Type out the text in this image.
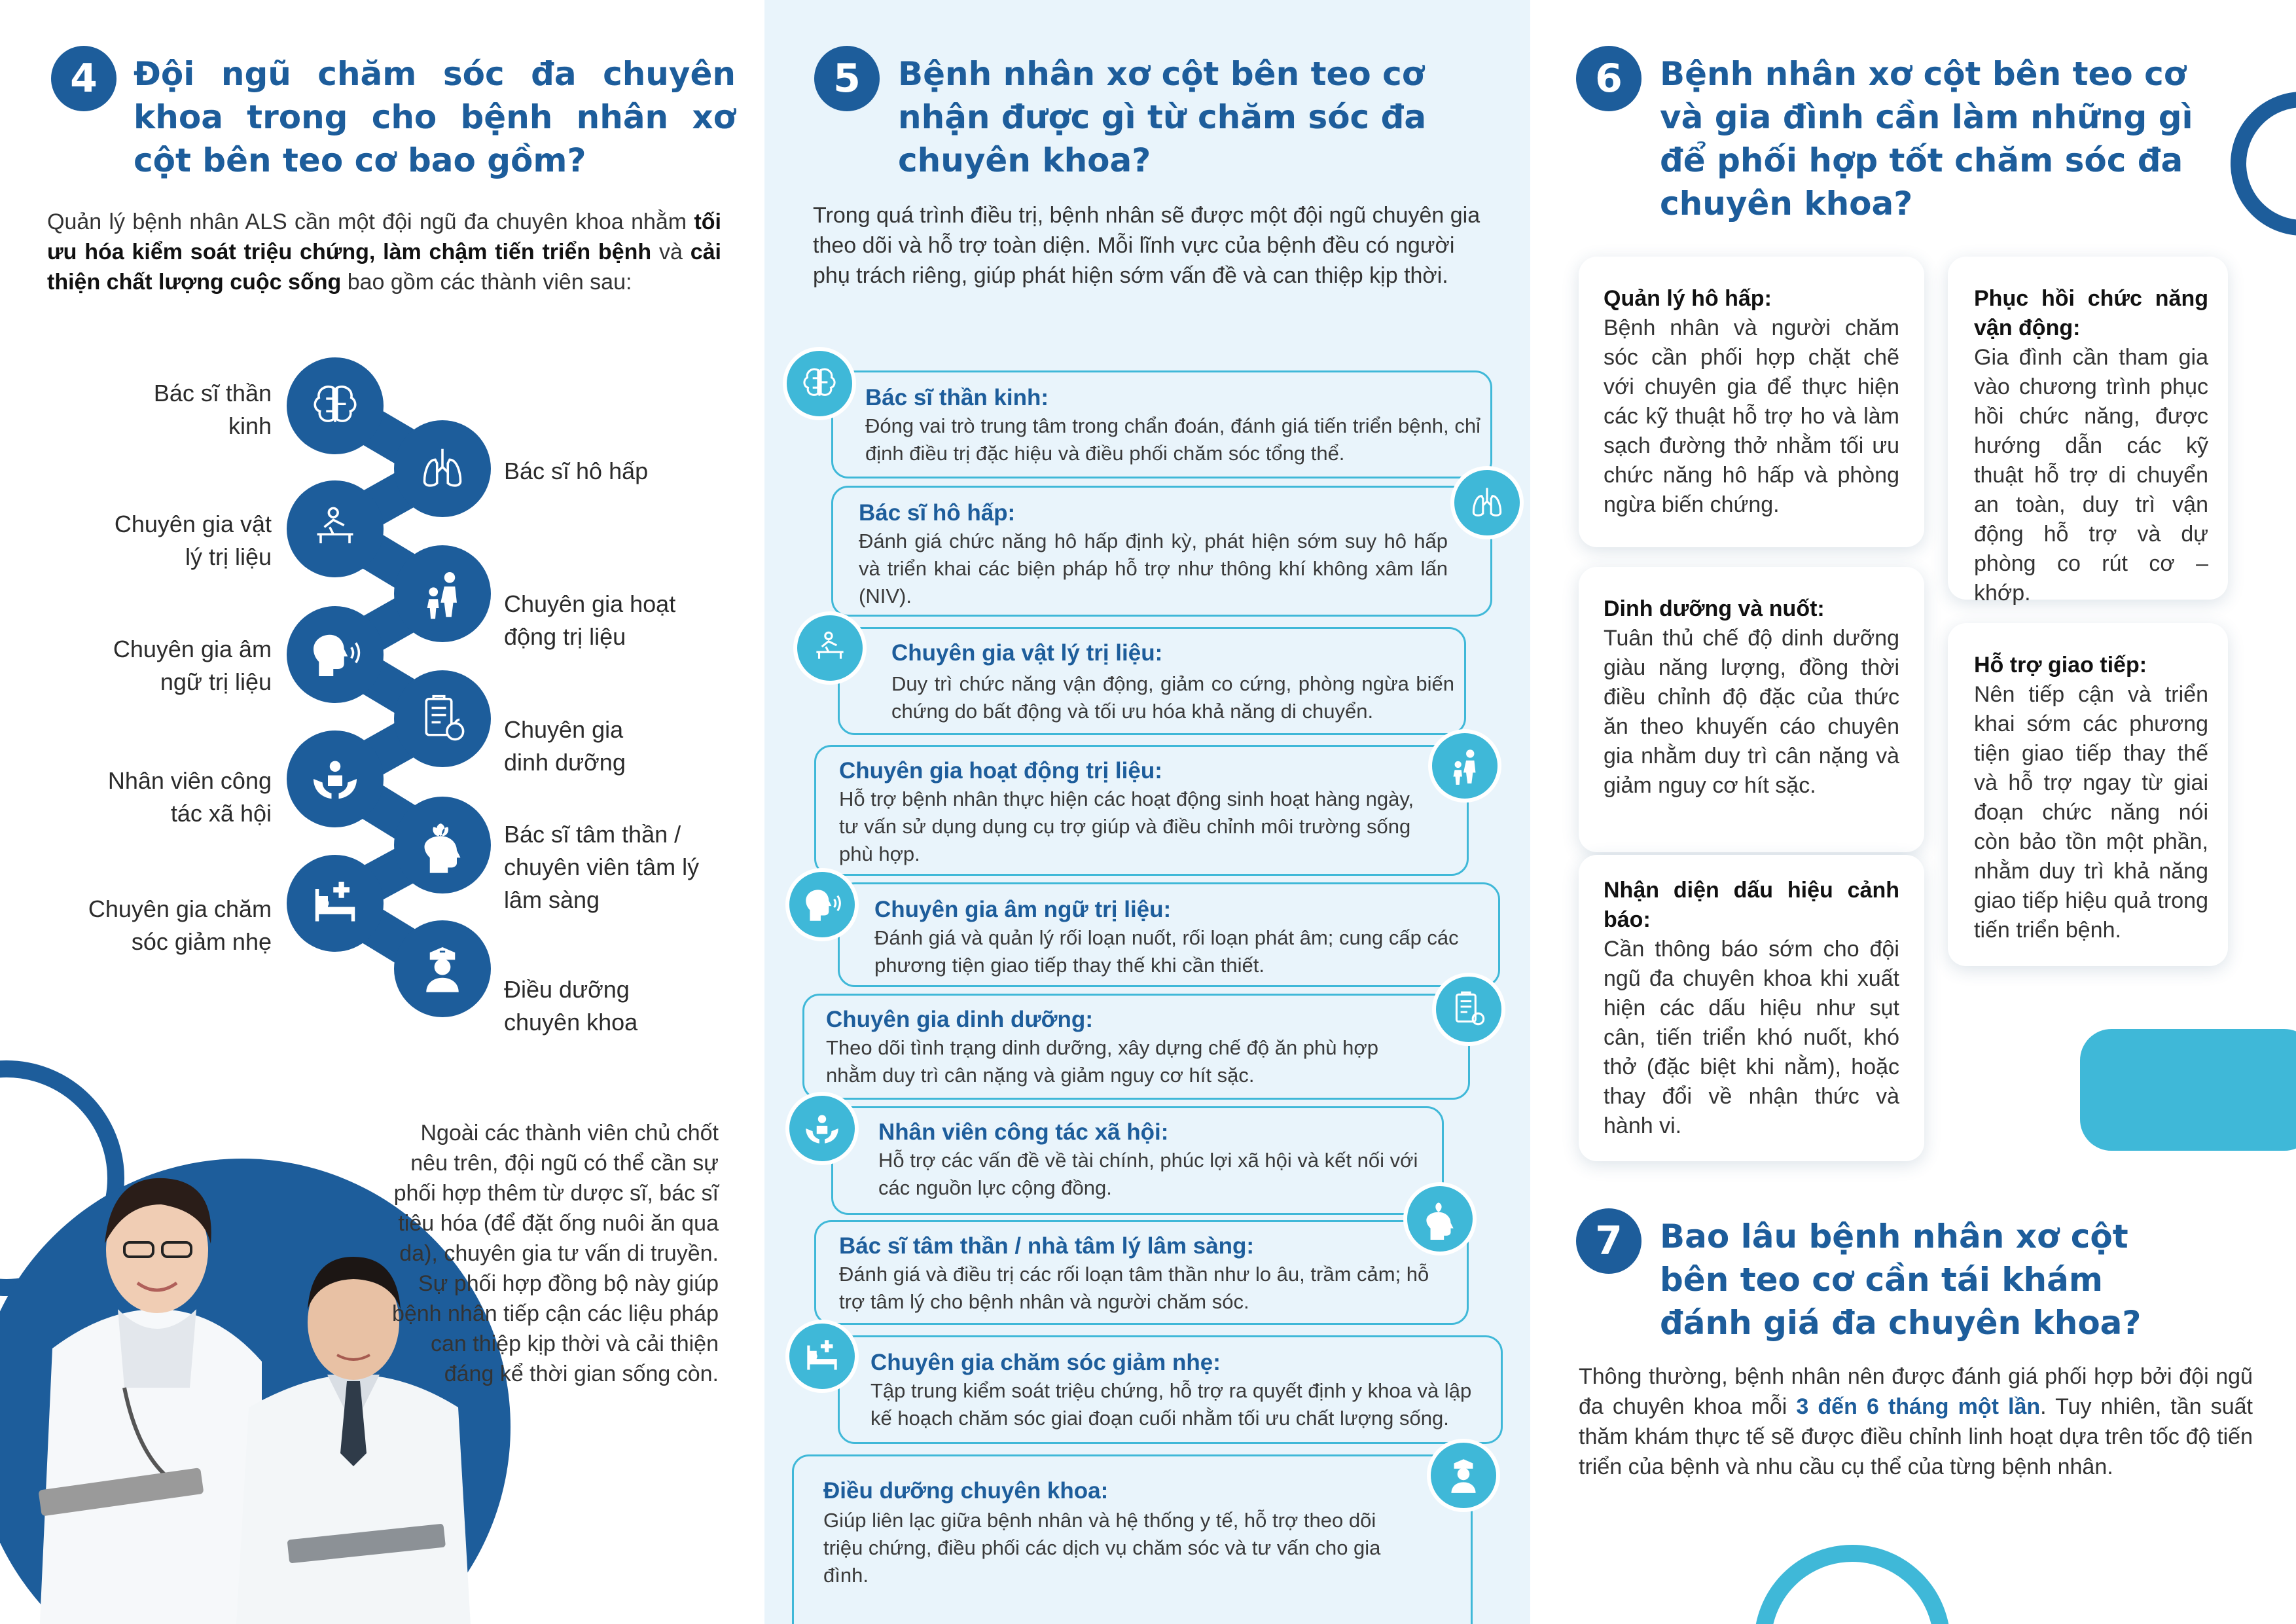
4	Đội ngũ chăm sóc đa chuyên khoa trong cho bệnh nhân xơ cột bên teo cơ bao gồm?
Quản lý bệnh nhân ALS cần một đội ngũ đa chuyên khoa nhằm tối ưu hóa kiểm soát triệu chứng, làm chậm tiến triển bệnh và cải thiện chất lượng cuộc sống bao gồm các thành viên sau:
Bác sĩ thần kinh
Bác sĩ hô hấp
Chuyên gia vật lý trị liệu
Chuyên gia hoạt động trị liệu
Chuyên gia âm ngữ trị liệu
Chuyên gia dinh dưỡng
Nhân viên công tác xã hội
Bác sĩ tâm thần / chuyên viên tâm lý lâm sàng
Chuyên gia chăm sóc giảm nhẹ
Điều dưỡng chuyên khoa
Ngoài các thành viên chủ chốt nêu trên, đội ngũ có thể cần sự phối hợp thêm từ dược sĩ, bác sĩ tiêu hóa (để đặt ống nuôi ăn qua da), chuyên gia tư vấn di truyền. Sự phối hợp đồng bộ này giúp bệnh nhân tiếp cận các liệu pháp can thiệp kịp thời và cải thiện đáng kể thời gian sống còn.
5	Bệnh nhân xơ cột bên teo cơ nhận được gì từ chăm sóc đa chuyên khoa?
Trong quá trình điều trị, bệnh nhân sẽ được một đội ngũ chuyên gia theo dõi và hỗ trợ toàn diện. Mỗi lĩnh vực của bệnh đều có người phụ trách riêng, giúp phát hiện sớm vấn đề và can thiệp kịp thời.
Bác sĩ thần kinh:
Đóng vai trò trung tâm trong chẩn đoán, đánh giá tiến triển bệnh, chỉ định điều trị đặc hiệu và điều phối chăm sóc tổng thể.
Bác sĩ hô hấp:
Đánh giá chức năng hô hấp định kỳ, phát hiện sớm suy hô hấp và triển khai các biện pháp hỗ trợ như thông khí không xâm lấn (NIV).
Chuyên gia vật lý trị liệu:
Duy trì chức năng vận động, giảm co cứng, phòng ngừa biến chứng do bất động và tối ưu hóa khả năng di chuyển.
Chuyên gia hoạt động trị liệu:
Hỗ trợ bệnh nhân thực hiện các hoạt động sinh hoạt hàng ngày, tư vấn sử dụng dụng cụ trợ giúp và điều chỉnh môi trường sống phù hợp.
Chuyên gia âm ngữ trị liệu:
Đánh giá và quản lý rối loạn nuốt, rối loạn phát âm; cung cấp các phương tiện giao tiếp thay thế khi cần thiết.
Chuyên gia dinh dưỡng:
Theo dõi tình trạng dinh dưỡng, xây dựng chế độ ăn phù hợp nhằm duy trì cân nặng và giảm nguy cơ hít sặc.
Nhân viên công tác xã hội:
Hỗ trợ các vấn đề về tài chính, phúc lợi xã hội và kết nối với các nguồn lực cộng đồng.
Bác sĩ tâm thần / nhà tâm lý lâm sàng:
Đánh giá và điều trị các rối loạn tâm thần như lo âu, trầm cảm; hỗ trợ tâm lý cho bệnh nhân và người chăm sóc.
Chuyên gia chăm sóc giảm nhẹ:
Tập trung kiểm soát triệu chứng, hỗ trợ ra quyết định y khoa và lập kế hoạch chăm sóc giai đoạn cuối nhằm tối ưu chất lượng sống.
Điều dưỡng chuyên khoa:
Giúp liên lạc giữa bệnh nhân và hệ thống y tế, hỗ trợ theo dõi triệu chứng, điều phối các dịch vụ chăm sóc và tư vấn cho gia đình.
6	Bệnh nhân xơ cột bên teo cơ và gia đình cần làm những gì để phối hợp tốt chăm sóc đa chuyên khoa?
Quản lý hô hấp:
Bệnh nhân và người chăm sóc cần phối hợp chặt chẽ với chuyên gia để thực hiện các kỹ thuật hỗ trợ ho và làm sạch đường thở nhằm tối ưu chức năng hô hấp và phòng ngừa biến chứng.
Phục hồi chức năng vận động:
Gia đình cần tham gia vào chương trình phục hồi chức năng, được hướng dẫn các kỹ thuật hỗ trợ di chuyển an toàn, duy trì vận động hỗ trợ và dự phòng co rút cơ – khớp.
Dinh dưỡng và nuốt:
Tuân thủ chế độ dinh dưỡng giàu năng lượng, đồng thời điều chỉnh độ đặc của thức ăn theo khuyến cáo chuyên gia nhằm duy trì cân nặng và giảm nguy cơ hít sặc.
Hỗ trợ giao tiếp:
Nên tiếp cận và triển khai sớm các phương tiện giao tiếp thay thế và hỗ trợ ngay từ giai đoạn chức năng nói còn bảo tồn một phần, nhằm duy trì khả năng giao tiếp hiệu quả trong tiến triển bệnh.
Nhận diện dấu hiệu cảnh báo:
Cần thông báo sớm cho đội ngũ đa chuyên khoa khi xuất hiện các dấu hiệu như sụt cân, tiến triển khó nuốt, khó thở (đặc biệt khi nằm), hoặc thay đổi về nhận thức và hành vi.
7	Bao lâu bệnh nhân xơ cột bên teo cơ cần tái khám đánh giá đa chuyên khoa?
Thông thường, bệnh nhân nên được đánh giá phối hợp bởi đội ngũ đa chuyên khoa mỗi 3 đến 6 tháng một lần. Tuy nhiên, tần suất thăm khám thực tế sẽ được điều chỉnh linh hoạt dựa trên tốc độ tiến triển của bệnh và nhu cầu cụ thể của từng bệnh nhân.
